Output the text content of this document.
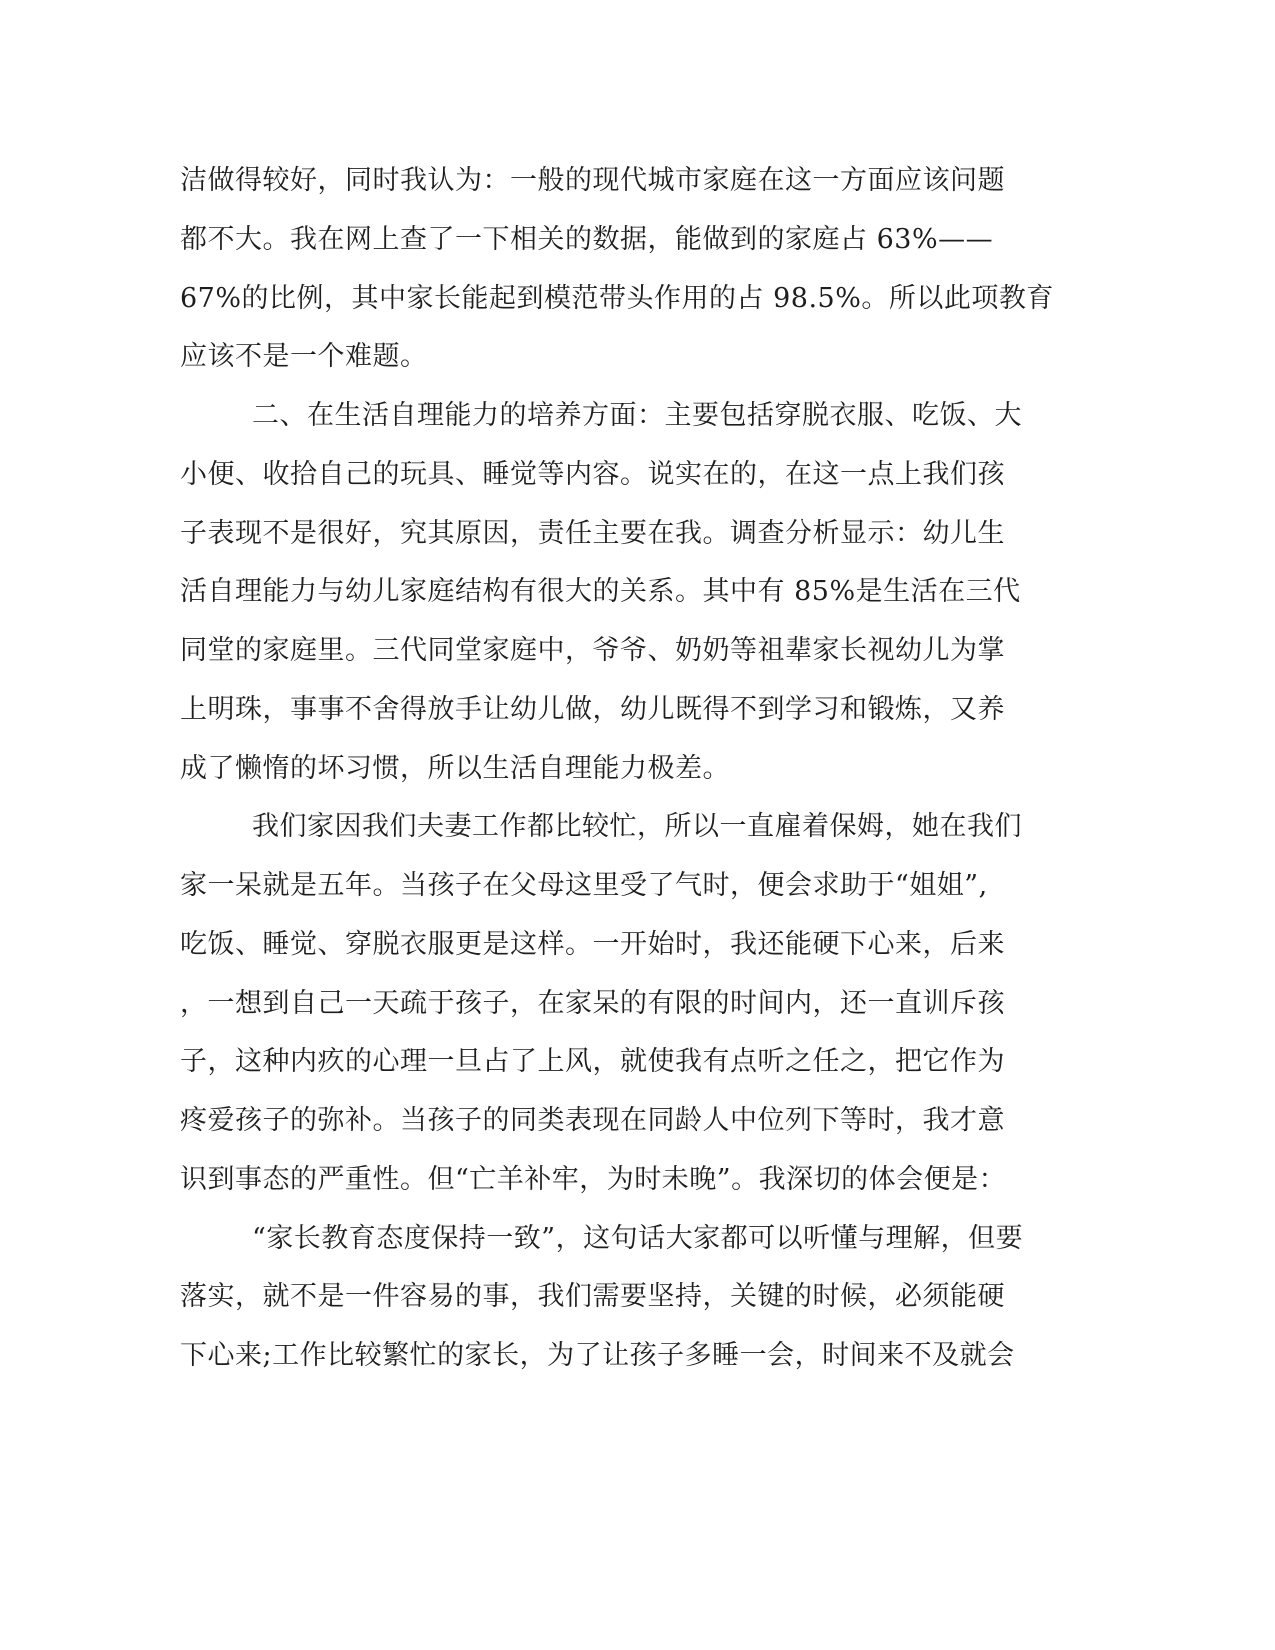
洁做得较好，同时我认为：一般的现代城市家庭在这一方面应该问题
都不大。我在网上查了一下相关的数据，能做到的家庭占 63%——
67%的比例，其中家长能起到模范带头作用的占 98.5%。所以此项教育
应该不是一个难题。
二、在生活自理能力的培养方面：主要包括穿脱衣服、吃饭、大
小便、收拾自己的玩具、睡觉等内容。说实在的，在这一点上我们孩
子表现不是很好，究其原因，责任主要在我。调查分析显示：幼儿生
活自理能力与幼儿家庭结构有很大的关系。其中有 85%是生活在三代
同堂的家庭里。三代同堂家庭中，爷爷、奶奶等祖辈家长视幼儿为掌
上明珠，事事不舍得放手让幼儿做，幼儿既得不到学习和锻炼，又养
成了懒惰的坏习惯，所以生活自理能力极差。
我们家因我们夫妻工作都比较忙，所以一直雇着保姆，她在我们
家一呆就是五年。当孩子在父母这里受了气时，便会求助于“姐姐”,
吃饭、睡觉、穿脱衣服更是这样。一开始时，我还能硬下心来，后来
，一想到自己一天疏于孩子，在家呆的有限的时间内，还一直训斥孩
子，这种内疚的心理一旦占了上风，就使我有点听之任之，把它作为
疼爱孩子的弥补。当孩子的同类表现在同龄人中位列下等时，我才意
识到事态的严重性。但“亡羊补牢，为时未晚”。我深切的体会便是：
“家长教育态度保持一致”，这句话大家都可以听懂与理解，但要
落实，就不是一件容易的事，我们需要坚持，关键的时候，必须能硬
下心来;工作比较繁忙的家长，为了让孩子多睡一会，时间来不及就会
